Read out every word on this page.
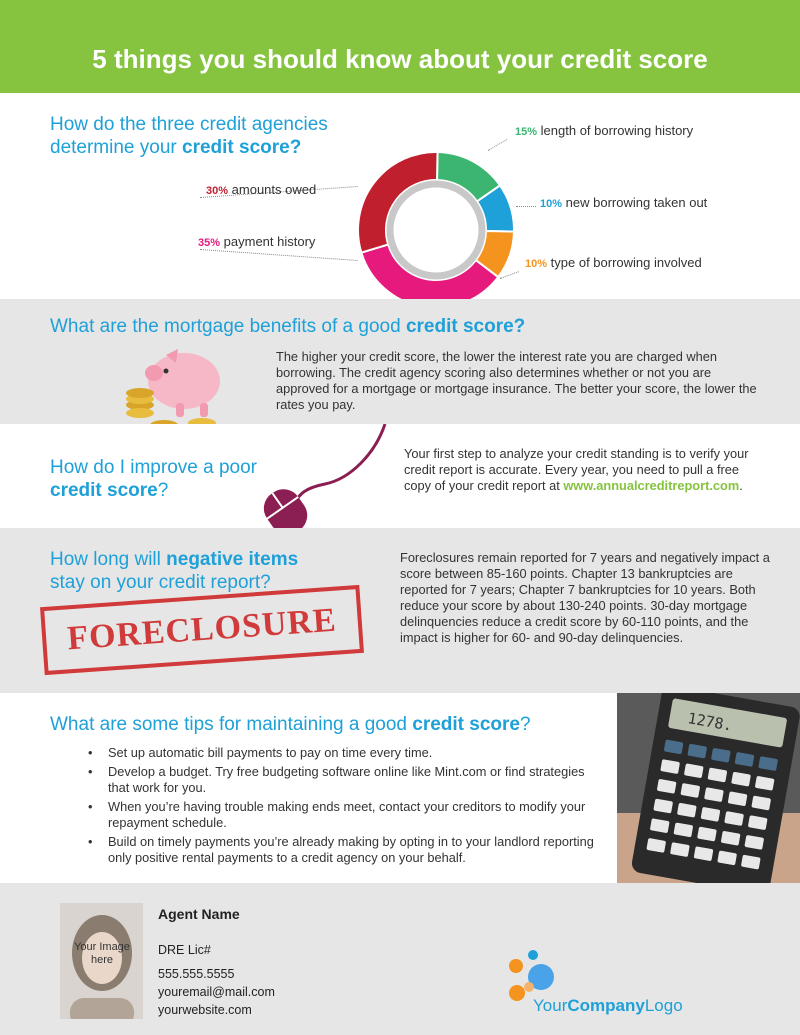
5 things you should know about your credit score
How do the three credit agencies
determine your credit score?
15% length of borrowing history
10% new borrowing taken out
10% type of borrowing involved
30% amounts owed
35% payment history
What are the mortgage benefits of a good credit score?
The higher your credit score, the lower the interest rate you are charged when borrowing. The credit agency scoring also determines whether or not you are approved for a mortgage or mortgage insurance. The better your score, the lower the rates you pay.
How do I improve a poor
credit score?
Your first step to analyze your credit standing is to verify your credit report is accurate. Every year, you need to pull a free copy of your credit report at www.annualcreditreport.com.
How long will negative items
stay on your credit report?
FORECLOSURE
Foreclosures remain reported for 7 years and negatively impact a score between 85-160 points. Chapter 13 bankruptcies are reported for 7 years; Chapter 7 bankruptcies for 10 years. Both reduce your score by about 130-240 points. 30-day mortgage delinquencies reduce a credit score by 60-110 points, and the impact is higher for 60- and 90-day delinquencies.
What are some tips for maintaining a good credit score?
• Set up automatic bill payments to pay on time every time.
• Develop a budget. Try free budgeting software online like Mint.com or find strategies that work for you.
• When you’re having trouble making ends meet, contact your creditors to modify your repayment schedule.
• Build on timely payments you’re already making by opting in to your landlord reporting only positive rental payments to a credit agency on your behalf.
1278.
Your Image here
Agent Name
DRE Lic#
555.555.5555
youremail@mail.com
yourwebsite.com	YourCompanyLogo
